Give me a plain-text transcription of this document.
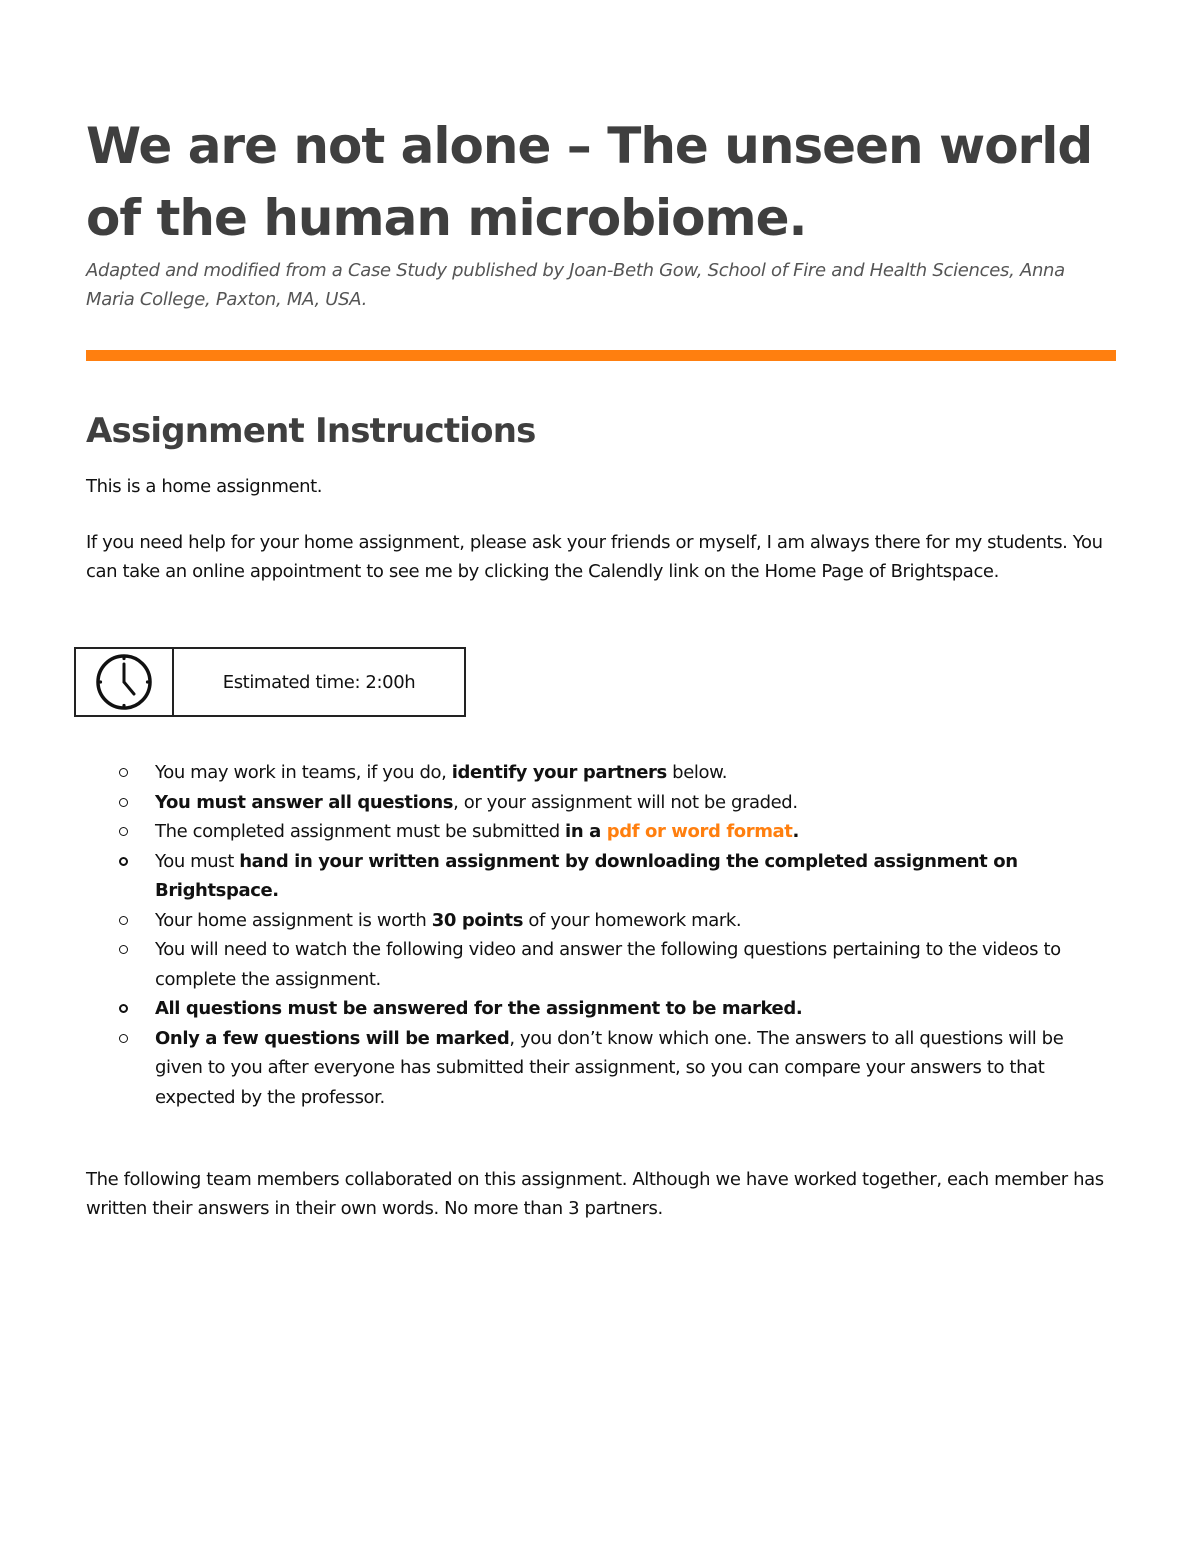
We are not alone – The unseen world of the human microbiome.

Adapted and modified from a Case Study published by Joan-Beth Gow, School of Fire and Health Sciences, Anna Maria College, Paxton, MA, USA.

Assignment Instructions

This is a home assignment.

If you need help for your home assignment, please ask your friends or myself, I am always there for my students. You can take an online appointment to see me by clicking the Calendly link on the Home Page of Brightspace.

Estimated time: 2:00h
You may work in teams, if you do, identify your partners below.
You must answer all questions, or your assignment will not be graded.
The completed assignment must be submitted in a pdf or word format.
You must hand in your written assignment by downloading the completed assignment on Brightspace.
Your home assignment is worth 30 points of your homework mark.
You will need to watch the following video and answer the following questions pertaining to the videos to complete the assignment.
All questions must be answered for the assignment to be marked.
Only a few questions will be marked, you don’t know which one. The answers to all questions will be given to you after everyone has submitted their assignment, so you can compare your answers to that expected by the professor.

The following team members collaborated on this assignment. Although we have worked together, each member has written their answers in their own words. No more than 3 partners.
